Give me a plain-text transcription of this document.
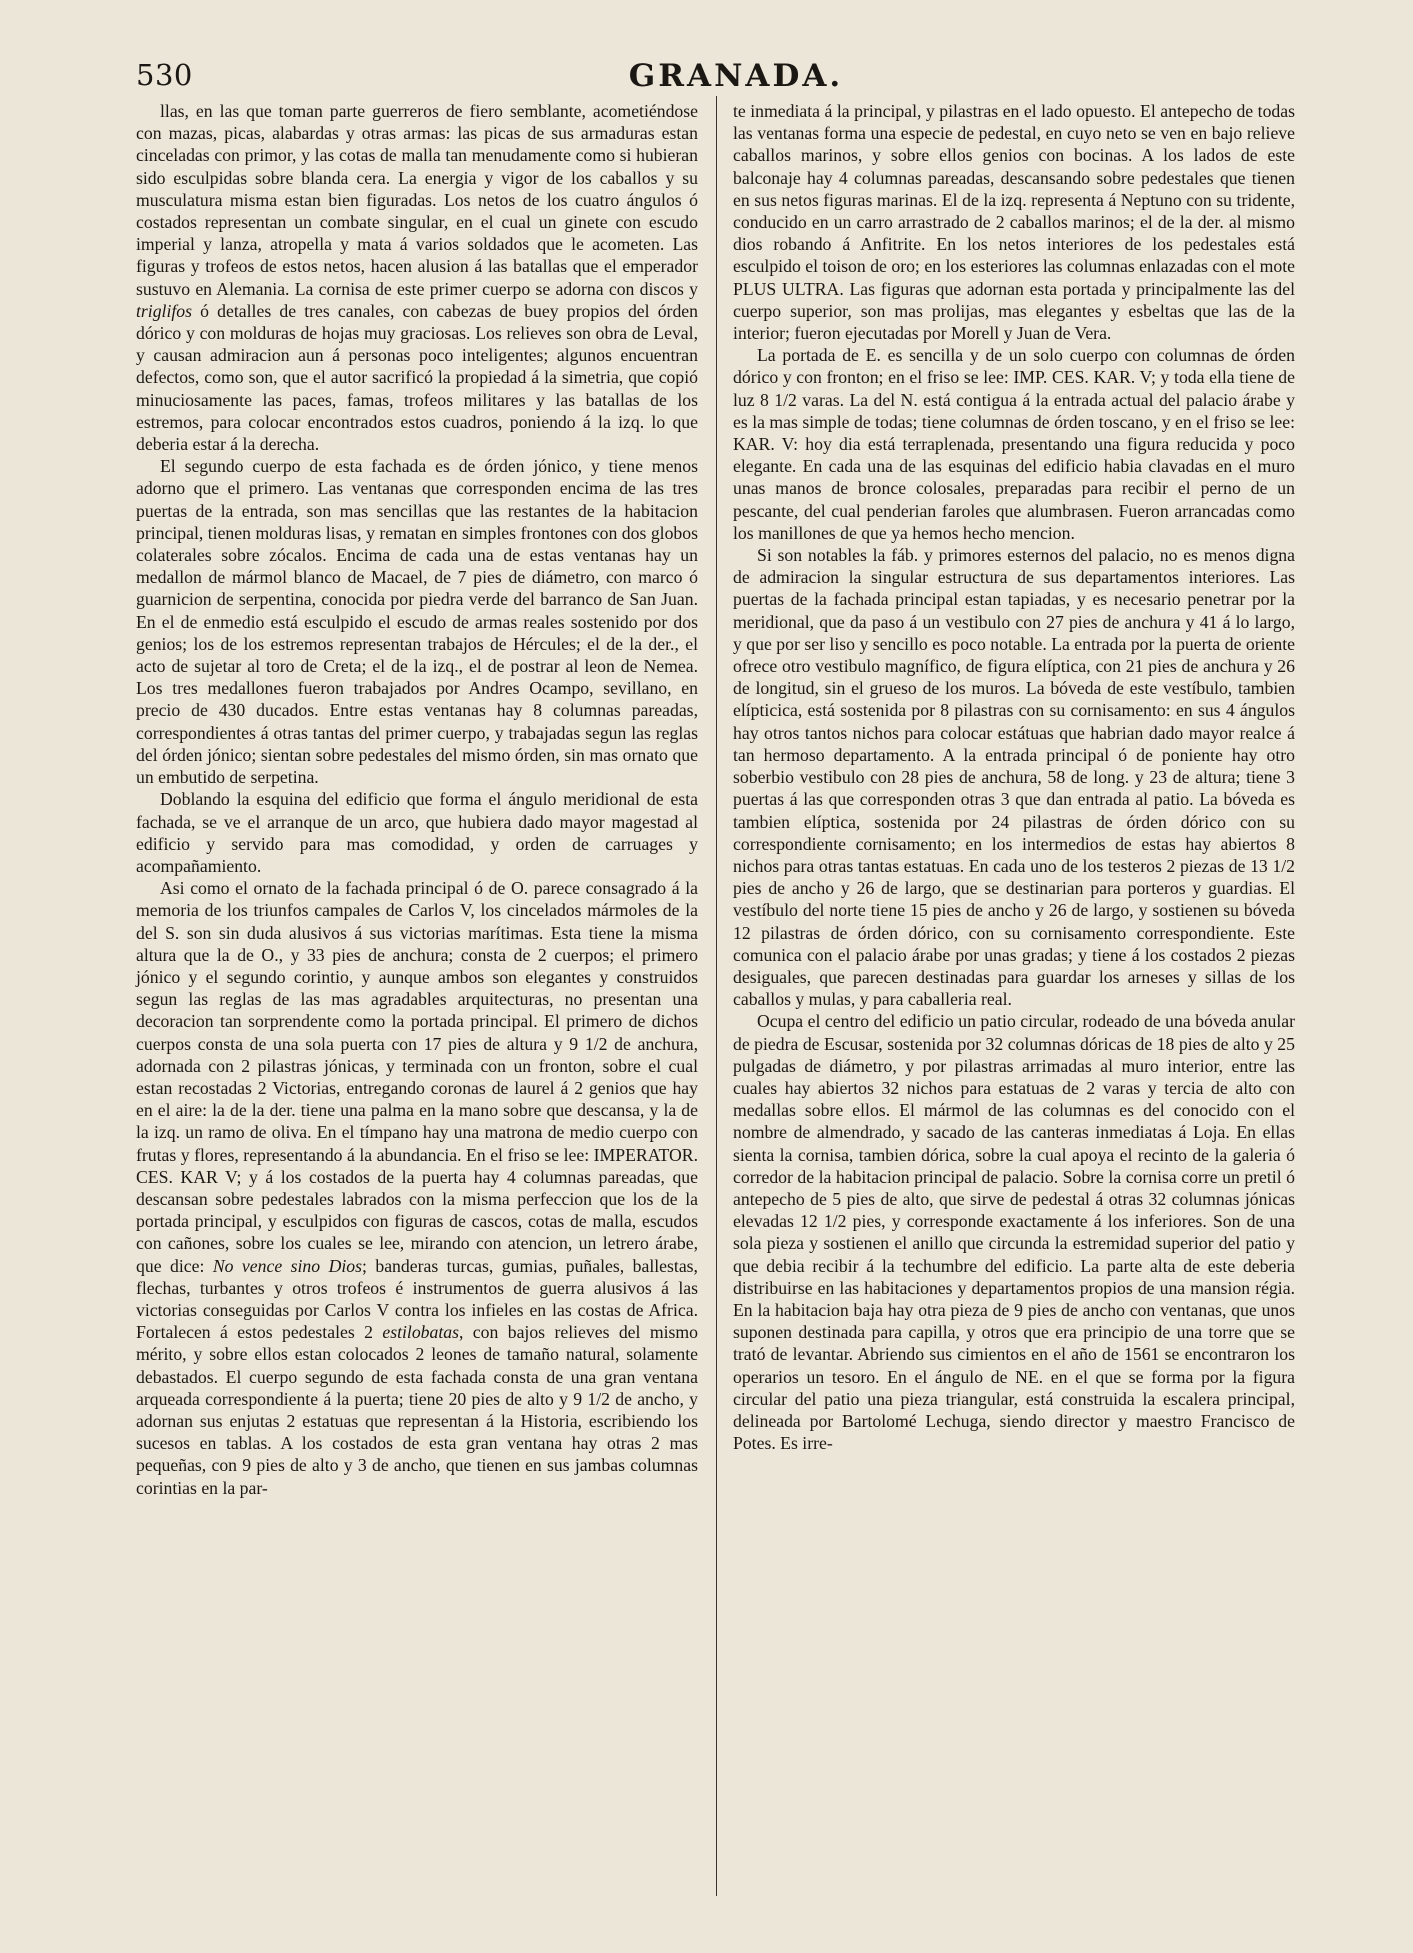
530	GRANADA.

llas, en las que toman parte guerreros de fiero semblante, acometiéndose con mazas, picas, alabardas y otras armas: las picas de sus armaduras estan cinceladas con primor, y las cotas de malla tan menudamente como si hubieran sido esculpidas sobre blanda cera. La energia y vigor de los caballos y su musculatura misma estan bien figuradas. Los netos de los cuatro ángulos ó costados representan un combate singular, en el cual un ginete con escudo imperial y lanza, atropella y mata á varios soldados que le acometen. Las figuras y trofeos de estos netos, hacen alusion á las batallas que el emperador sustuvo en Alemania. La cornisa de este primer cuerpo se adorna con discos y triglifos ó detalles de tres canales, con cabezas de buey propios del órden dórico y con molduras de hojas muy graciosas. Los relieves son obra de Leval, y causan admiracion aun á personas poco inteligentes; algunos encuentran defectos, como son, que el autor sacrificó la propiedad á la simetria, que copió minuciosamente las paces, famas, trofeos militares y las batallas de los estremos, para colocar encontrados estos cuadros, poniendo á la izq. lo que deberia estar á la derecha.

El segundo cuerpo de esta fachada es de órden jónico, y tiene menos adorno que el primero. Las ventanas que corresponden encima de las tres puertas de la entrada, son mas sencillas que las restantes de la habitacion principal, tienen molduras lisas, y rematan en simples frontones con dos globos colaterales sobre zócalos. Encima de cada una de estas ventanas hay un medallon de mármol blanco de Macael, de 7 pies de diámetro, con marco ó guarnicion de serpentina, conocida por piedra verde del barranco de San Juan. En el de enmedio está esculpido el escudo de armas reales sostenido por dos genios; los de los estremos representan trabajos de Hércules; el de la der., el acto de sujetar al toro de Creta; el de la izq., el de postrar al leon de Nemea. Los tres medallones fueron trabajados por Andres Ocampo, sevillano, en precio de 430 ducados. Entre estas ventanas hay 8 columnas pareadas, correspondientes á otras tantas del primer cuerpo, y trabajadas segun las reglas del órden jónico; sientan sobre pedestales del mismo órden, sin mas ornato que un embutido de serpetina.

Doblando la esquina del edificio que forma el ángulo meridional de esta fachada, se ve el arranque de un arco, que hubiera dado mayor magestad al edificio y servido para mas comodidad, y orden de carruages y acompañamiento.

Asi como el ornato de la fachada principal ó de O. parece consagrado á la memoria de los triunfos campales de Carlos V, los cincelados mármoles de la del S. son sin duda alusivos á sus victorias marítimas. Esta tiene la misma altura que la de O., y 33 pies de anchura; consta de 2 cuerpos; el primero jónico y el segundo corintio, y aunque ambos son elegantes y construidos segun las reglas de las mas agradables arquitecturas, no presentan una decoracion tan sorprendente como la portada principal. El primero de dichos cuerpos consta de una sola puerta con 17 pies de altura y 9 1/2 de anchura, adornada con 2 pilastras jónicas, y terminada con un fronton, sobre el cual estan recostadas 2 Victorias, entregando coronas de laurel á 2 genios que hay en el aire: la de la der. tiene una palma en la mano sobre que descansa, y la de la izq. un ramo de oliva. En el tímpano hay una matrona de medio cuerpo con frutas y flores, representando á la abundancia. En el friso se lee: IMPERATOR. CES. KAR V; y á los costados de la puerta hay 4 columnas pareadas, que descansan sobre pedestales labrados con la misma perfeccion que los de la portada principal, y esculpidos con figuras de cascos, cotas de malla, escudos con cañones, sobre los cuales se lee, mirando con atencion, un letrero árabe, que dice: No vence sino Dios; banderas turcas, gumias, puñales, ballestas, flechas, turbantes y otros trofeos é instrumentos de guerra alusivos á las victorias conseguidas por Carlos V contra los infieles en las costas de Africa. Fortalecen á estos pedestales 2 estilobatas, con bajos relieves del mismo mérito, y sobre ellos estan colocados 2 leones de tamaño natural, solamente debastados. El cuerpo segundo de esta fachada consta de una gran ventana arqueada correspondiente á la puerta; tiene 20 pies de alto y 9 1/2 de ancho, y adornan sus enjutas 2 estatuas que representan á la Historia, escribiendo los sucesos en tablas. A los costados de esta gran ventana hay otras 2 mas pequeñas, con 9 pies de alto y 3 de ancho, que tienen en sus jambas columnas corintias en la par-

te inmediata á la principal, y pilastras en el lado opuesto. El antepecho de todas las ventanas forma una especie de pedestal, en cuyo neto se ven en bajo relieve caballos marinos, y sobre ellos genios con bocinas. A los lados de este balconaje hay 4 columnas pareadas, descansando sobre pedestales que tienen en sus netos figuras marinas. El de la izq. representa á Neptuno con su tridente, conducido en un carro arrastrado de 2 caballos marinos; el de la der. al mismo dios robando á Anfitrite. En los netos interiores de los pedestales está esculpido el toison de oro; en los esteriores las columnas enlazadas con el mote PLUS ULTRA. Las figuras que adornan esta portada y principalmente las del cuerpo superior, son mas prolijas, mas elegantes y esbeltas que las de la interior; fueron ejecutadas por Morell y Juan de Vera.

La portada de E. es sencilla y de un solo cuerpo con columnas de órden dórico y con fronton; en el friso se lee: IMP. CES. KAR. V; y toda ella tiene de luz 8 1/2 varas. La del N. está contigua á la entrada actual del palacio árabe y es la mas simple de todas; tiene columnas de órden toscano, y en el friso se lee: KAR. V: hoy dia está terraplenada, presentando una figura reducida y poco elegante. En cada una de las esquinas del edificio habia clavadas en el muro unas manos de bronce colosales, preparadas para recibir el perno de un pescante, del cual penderian faroles que alumbrasen. Fueron arrancadas como los manillones de que ya hemos hecho mencion.

Si son notables la fáb. y primores esternos del palacio, no es menos digna de admiracion la singular estructura de sus departamentos interiores. Las puertas de la fachada principal estan tapiadas, y es necesario penetrar por la meridional, que da paso á un vestibulo con 27 pies de anchura y 41 á lo largo, y que por ser liso y sencillo es poco notable. La entrada por la puerta de oriente ofrece otro vestibulo magnífico, de figura elíptica, con 21 pies de anchura y 26 de longitud, sin el grueso de los muros. La bóveda de este vestíbulo, tambien elípticica, está sostenida por 8 pilastras con su cornisamento: en sus 4 ángulos hay otros tantos nichos para colocar estátuas que habrian dado mayor realce á tan hermoso departamento. A la entrada principal ó de poniente hay otro soberbio vestibulo con 28 pies de anchura, 58 de long. y 23 de altura; tiene 3 puertas á las que corresponden otras 3 que dan entrada al patio. La bóveda es tambien elíptica, sostenida por 24 pilastras de órden dórico con su correspondiente cornisamento; en los intermedios de estas hay abiertos 8 nichos para otras tantas estatuas. En cada uno de los testeros 2 piezas de 13 1/2 pies de ancho y 26 de largo, que se destinarian para porteros y guardias. El vestíbulo del norte tiene 15 pies de ancho y 26 de largo, y sostienen su bóveda 12 pilastras de órden dórico, con su cornisamento correspondiente. Este comunica con el palacio árabe por unas gradas; y tiene á los costados 2 piezas desiguales, que parecen destinadas para guardar los arneses y sillas de los caballos y mulas, y para caballeria real.

Ocupa el centro del edificio un patio circular, rodeado de una bóveda anular de piedra de Escusar, sostenida por 32 columnas dóricas de 18 pies de alto y 25 pulgadas de diámetro, y por pilastras arrimadas al muro interior, entre las cuales hay abiertos 32 nichos para estatuas de 2 varas y tercia de alto con medallas sobre ellos. El mármol de las columnas es del conocido con el nombre de almendrado, y sacado de las canteras inmediatas á Loja. En ellas sienta la cornisa, tambien dórica, sobre la cual apoya el recinto de la galeria ó corredor de la habitacion principal de palacio. Sobre la cornisa corre un pretil ó antepecho de 5 pies de alto, que sirve de pedestal á otras 32 columnas jónicas elevadas 12 1/2 pies, y corresponde exactamente á los inferiores. Son de una sola pieza y sostienen el anillo que circunda la estremidad superior del patio y que debia recibir á la techumbre del edificio. La parte alta de este deberia distribuirse en las habitaciones y departamentos propios de una mansion régia. En la habitacion baja hay otra pieza de 9 pies de ancho con ventanas, que unos suponen destinada para capilla, y otros que era principio de una torre que se trató de levantar. Abriendo sus cimientos en el año de 1561 se encontraron los operarios un tesoro. En el ángulo de NE. en el que se forma por la figura circular del patio una pieza triangular, está construida la escalera principal, delineada por Bartolomé Lechuga, siendo director y maestro Francisco de Potes. Es irre-
